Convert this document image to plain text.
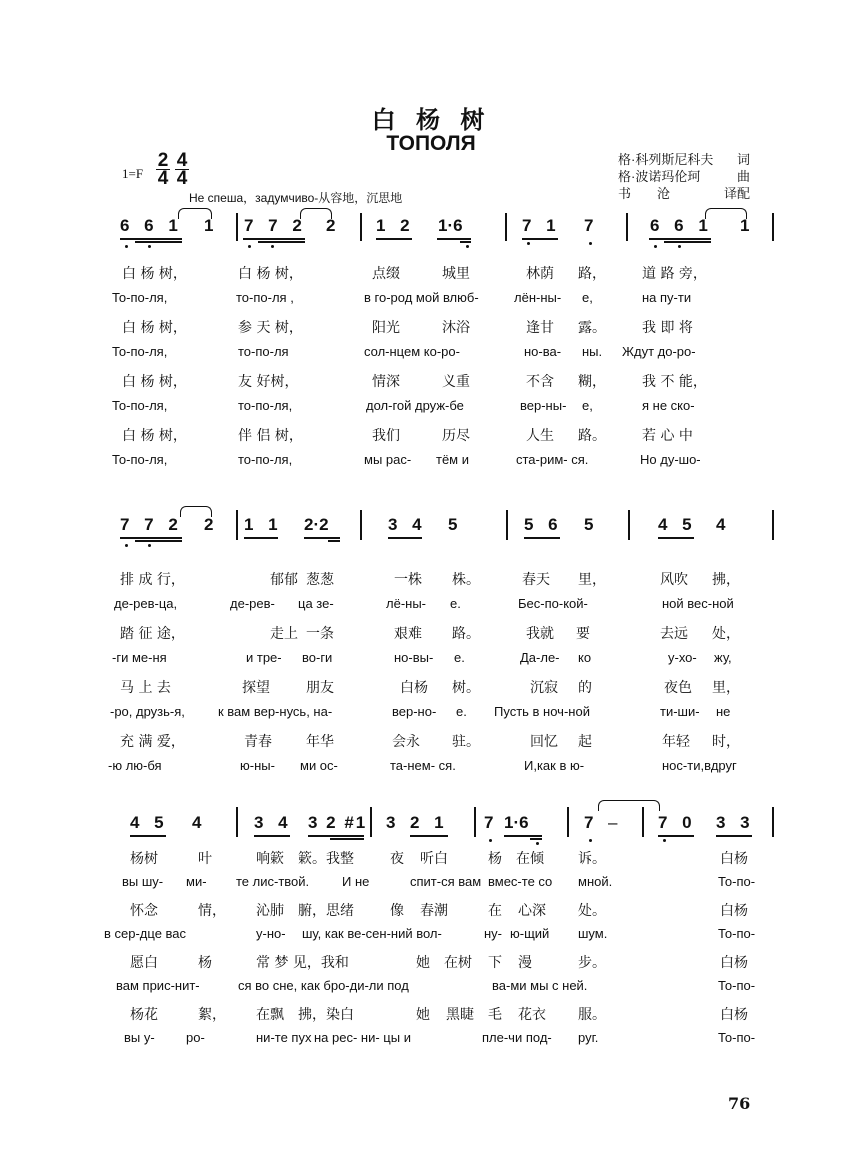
白 杨 树
ТОПОЛЯ
1=F
2
4
4
4
Не спеша，задумчиво-从容地，沉思地
格·科列斯尼科夫 词
格·波诺玛伦珂	曲
书　　沧	译配
6 6 1 1 7 7 2 2 1 2 1·6	7 1 7	6 6 1 1
白 杨 树，	白 杨 树，	点缀	城里	林荫 路，	道 路 旁，
То-по-ля,	то-по-ля ,	в го-род мой влюб-	лён-ны- е,	на пу-ти
白 杨 树，	参 天 树，	阳光	沐浴	逢甘 露。	我 即 将
То-по-ля,	то-по-ля	сол-нцем ко-ро-	но-ва- ны. Ждут до-ро-
白 杨 树，	友 好树，	情深	义重	不含 糊，	我 不 能，
То-по-ля,	то-по-ля,	дол-гой друж-бе	вер-ны- е,	я не ско-
白 杨 树，	伴 侣 树，	我们	历尽	人生 路。	若 心 中
То-по-ля,	то-по-ля,	мы рас- тём и	ста-рим- ся.	Но ду-шо-
7 7 2 2 1 1 2·2	3 4 5	5 6 5	4 5 4
排 成 行，	郁郁 葱葱	一株 株。	春天 里，	风吹 拂，
де-рев-ца,	де-рев- ца зе-	лё-ны- е.	Бес-по-кой-	ной вес-ной
踏 征 途，	走上 一条	艰难 路。	我就 要	去远 处，
-ги ме-ня	и тре- во-ги	но-вы- е.	Да-ле- ко	у-хо- жу,
马 上 去	探望	朋友	白杨 树。	沉寂 的	夜色 里，
-ро, друзь-я,	к вам вер-нусь, на-	вер-но- е. Пусть в ноч-ной	ти-ши- не
充 满 爱，	青春 年华	会永 驻。	回忆 起	年轻 时，
-ю лю-бя	ю-ны- ми ос-	та-нем- ся.	И,как в ю-	нос-ти,вдруг
4 5 4	3 4 3 2 #1 3 2 1 7 1·6	7 – 7 0 3 3
杨树	叶	响簌 簌。我整	夜 听白	杨 在倾 诉。	白杨
вы шу- ми- те лис-твой.	И не	спит-ся вам вмес-те со мной.	То-по-
怀念	情， 沁肺 腑，思绪	像 春潮	在 心深 处。	白杨
в сер-дце вас	у-но- шу, как ве-сен-ний вол-	ну- ю-щий шум.	То-по-
愿白	杨	常 梦 见，我和	她 在树 下 漫	步。	白杨
вам прис-нит-	ся во сне, как бро-ди-ли под	ва-ми мы с ней.	То-по-
杨花	絮， 在飘 拂，染白	她 黑睫 毛 花衣 服。	白杨
вы у- ро-	ни-те пух на рес- ни- цы и	пле-чи под- руг.	То-по-
76
